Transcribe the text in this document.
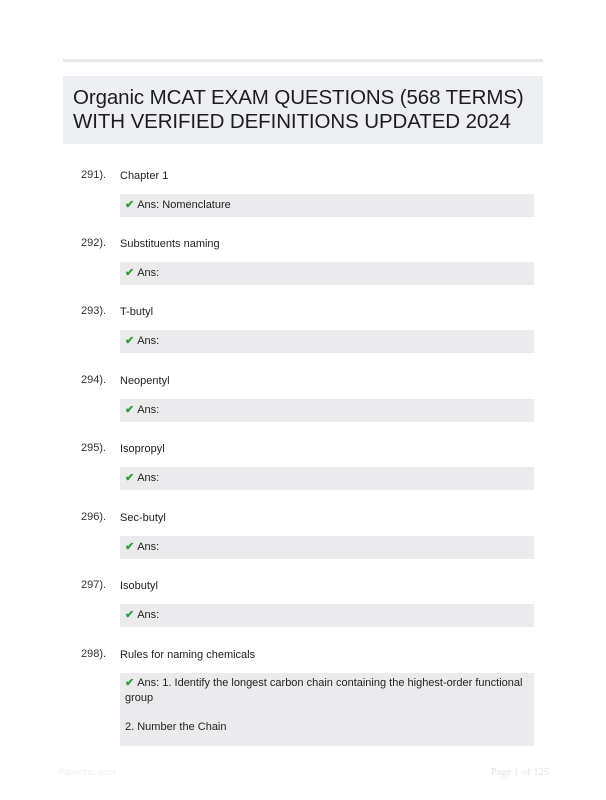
Organic MCAT EXAM QUESTIONS (568 TERMS)
WITH VERIFIED DEFINITIONS UPDATED 2024
291). Chapter 1
✔ Ans: Nomenclature
292). Substituents naming
✔ Ans:
293). T-butyl
✔ Ans:
294). Neopentyl
✔ Ans:
295). Isopropyl
✔ Ans:
296). Sec-butyl
✔ Ans:
297). Isobutyl
✔ Ans:
298). Rules for naming chemicals

✔ Ans: 1. Identify the longest carbon chain containing the highest-order functional group

2. Number the Chain

Paperthic.com	Page 1 of 125
